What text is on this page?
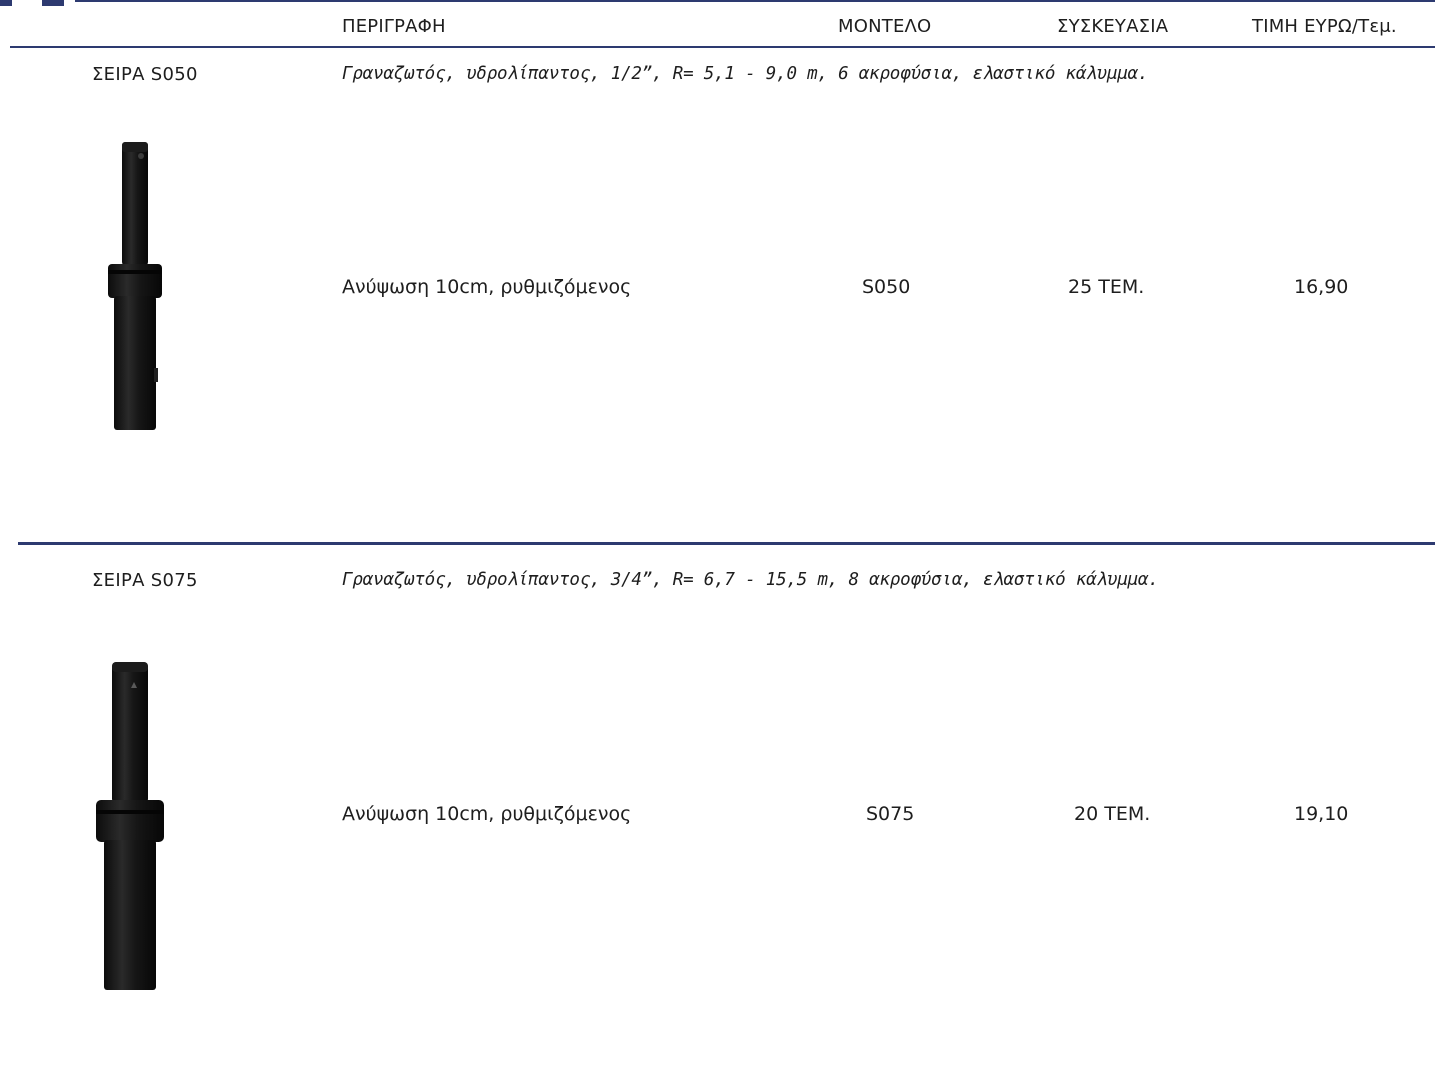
ΠΕΡΙΓΡΑΦΗ	ΜΟΝΤΕΛΟ	ΣΥΣΚΕΥΑΣΙΑ	ΤΙΜΗ ΕΥΡΩ/Τεμ.
ΣΕΙΡΑ S050	Γραναζωτός, υδρολίπαντος, 1/2”, R= 5,1 - 9,0 m, 6 ακροφύσια, ελαστικό κάλυμμα.
Ανύψωση 10cm, ρυθμιζόμενος	S050	25 ΤΕΜ.	16,90
ΣΕΙΡΑ S075	Γραναζωτός, υδρολίπαντος, 3/4”, R= 6,7 - 15,5 m, 8 ακροφύσια, ελαστικό κάλυμμα.
Ανύψωση 10cm, ρυθμιζόμενος	S075	20 ΤΕΜ.	19,10
